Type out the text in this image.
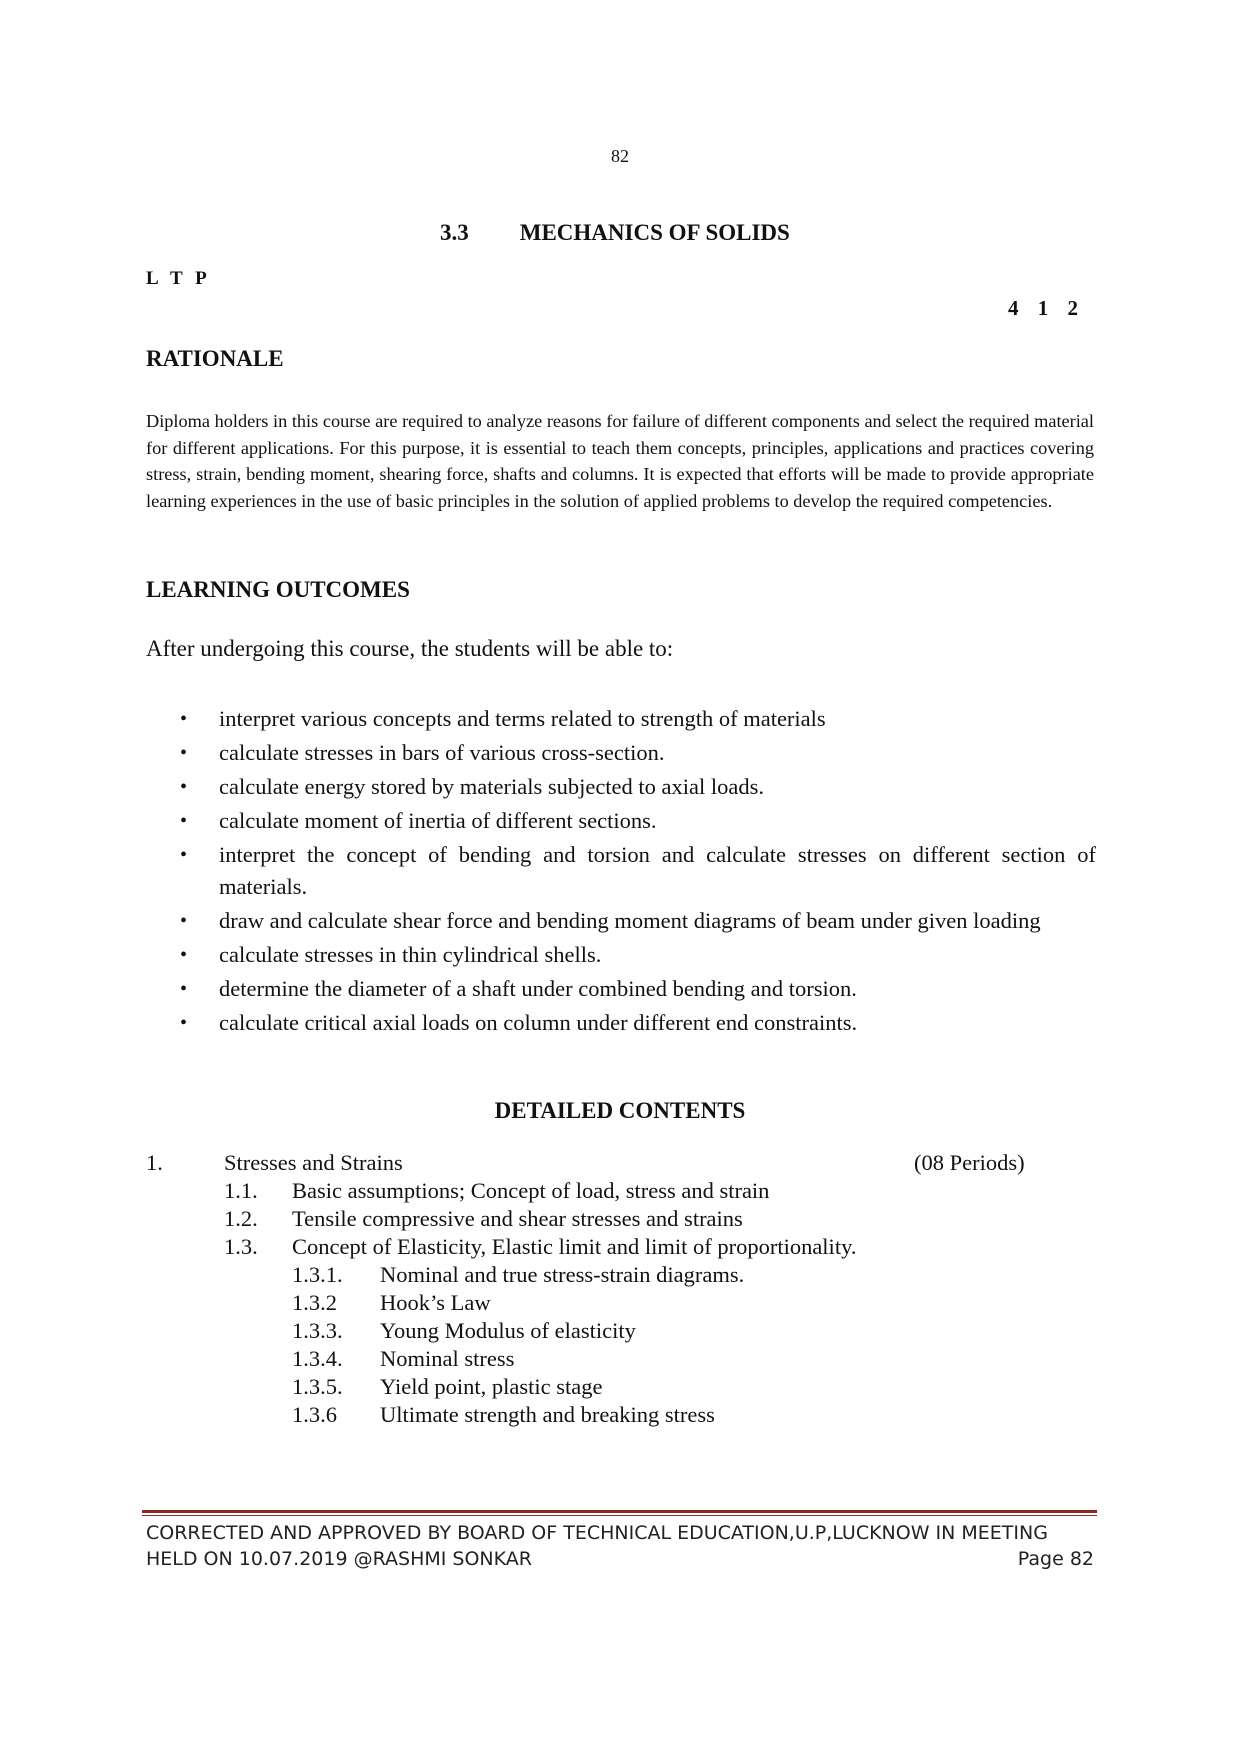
82
3.3 MECHANICS OF SOLIDS
L T P
4 1 2
RATIONALE
Diploma holders in this course are required to analyze reasons for failure of different components and select the required material for different applications. For this purpose, it is essential to teach them concepts, principles, applications and practices covering stress, strain, bending moment, shearing force, shafts and columns. It is expected that efforts will be made to provide appropriate learning experiences in the use of basic principles in the solution of applied problems to develop the required competencies.
LEARNING OUTCOMES
After undergoing this course, the students will be able to:
• interpret various concepts and terms related to strength of materials
• calculate stresses in bars of various cross-section.
• calculate energy stored by materials subjected to axial loads.
• calculate moment of inertia of different sections.
• interpret the concept of bending and torsion and calculate stresses on different section of materials.
• draw and calculate shear force and bending moment diagrams of beam under given loading
• calculate stresses in thin cylindrical shells.
• determine the diameter of a shaft under combined bending and torsion.
• calculate critical axial loads on column under different end constraints.
DETAILED CONTENTS
1.	Stresses and Strains	(08 Periods)
1.1. Basic assumptions; Concept of load, stress and strain
1.2. Tensile compressive and shear stresses and strains
1.3. Concept of Elasticity, Elastic limit and limit of proportionality.
1.3.1. Nominal and true stress-strain diagrams.
1.3.2 Hook’s Law
1.3.3. Young Modulus of elasticity
1.3.4. Nominal stress
1.3.5. Yield point, plastic stage
1.3.6 Ultimate strength and breaking stress
CORRECTED AND APPROVED BY BOARD OF TECHNICAL EDUCATION,U.P,LUCKNOW IN MEETING
HELD ON 10.07.2019 @RASHMI SONKAR	Page 82
